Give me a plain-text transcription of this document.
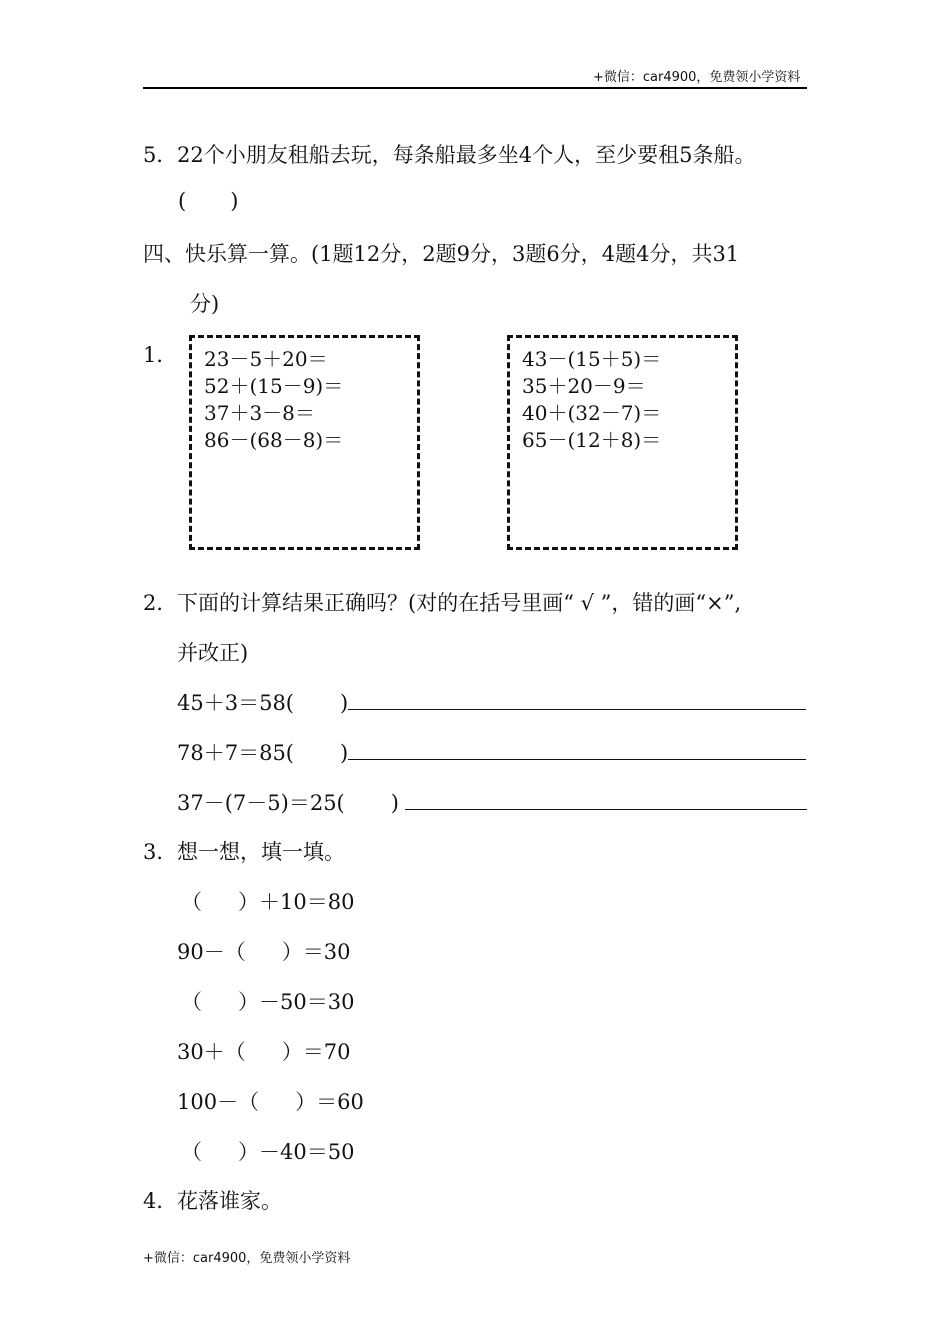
+微信：car4900，免费领小学资料
5． 22个小朋友租船去玩，每条船最多坐4个人，至少要租5条船。
( )
四、快乐算一算。(1题12分，2题9分，3题6分，4题4分，共31
分)
1． 23－5＋20＝
52＋(15－9)＝
37＋3－8＝
86－(68－8)＝
43－(15＋5)＝
35＋20－9＝
40＋(32－7)＝
65－(12＋8)＝
2． 下面的计算结果正确吗？(对的在括号里画“ √ ”，错的画“×”,
并改正)
45＋3＝58( )
78＋7＝85( )
37－(7－5)＝25( )
3． 想一想，填一填。
（ ）＋10＝80
90－（ ）＝30
（ ）－50＝30
30＋（ ）＝70
100－（ ）＝60
（ ）－40＝50
4． 花落谁家。
+微信：car4900，免费领小学资料
